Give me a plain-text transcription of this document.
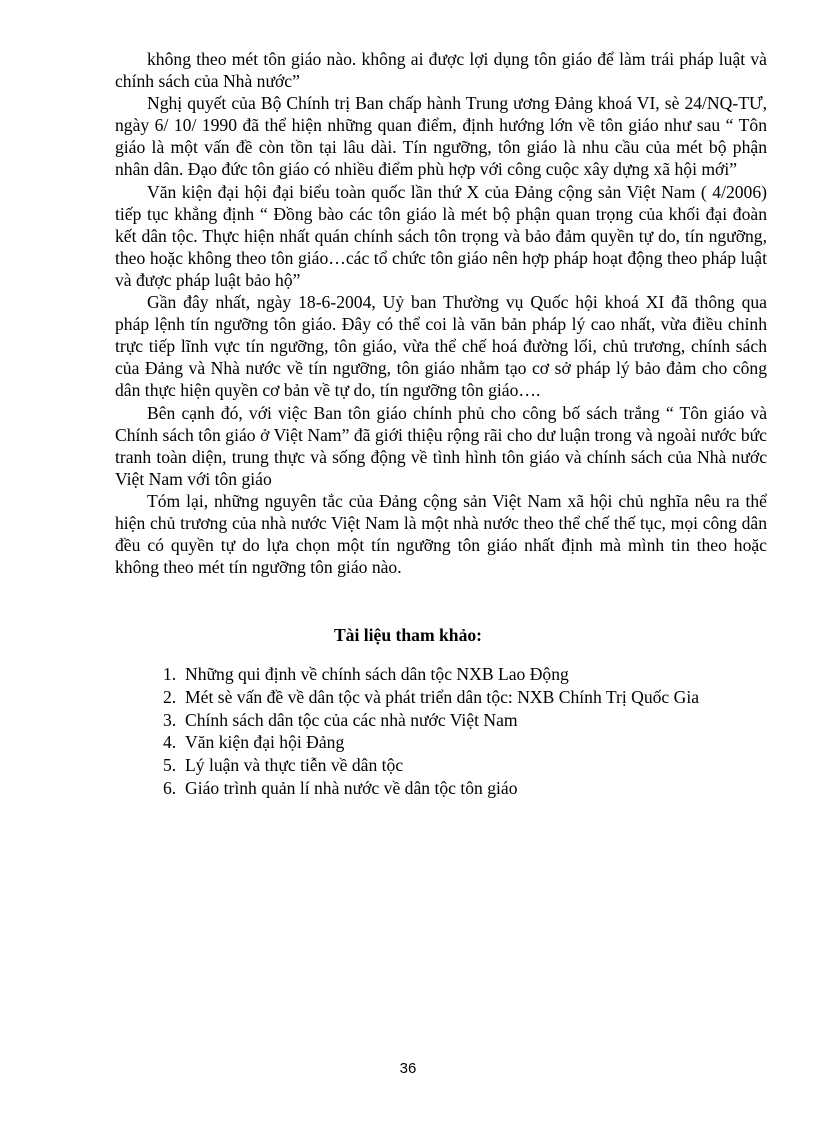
không theo mét tôn giáo nào. không ai được lợi dụng tôn giáo để làm trái pháp luật và chính sách của Nhà nước”

Nghị quyết của Bộ Chính trị Ban chấp hành Trung ương Đảng khoá VI, sè 24/NQ-TƯ, ngày 6/ 10/ 1990 đã thể hiện những quan điểm, định hướng lớn về tôn giáo như sau “ Tôn giáo là một vấn đề còn tồn tại lâu dài. Tín ngưỡng, tôn giáo là nhu cầu của mét bộ phận nhân dân. Đạo đức tôn giáo có nhiều điểm phù hợp với công cuộc xây dựng xã hội mới”

Văn kiện đại hội đại biểu toàn quốc lần thứ X của Đảng cộng sản Việt Nam ( 4/2006) tiếp tục khẳng định “ Đồng bào các tôn giáo là mét bộ phận quan trọng của khối đại đoàn kết dân tộc. Thực hiện nhất quán chính sách tôn trọng và bảo đảm quyền tự do, tín ngưỡng, theo hoặc không theo tôn giáo…các tổ chức tôn giáo nên hợp pháp hoạt động theo pháp luật và được pháp luật bảo hộ”

Gần đây nhất, ngày 18-6-2004, Uỷ ban Thường vụ Quốc hội khoá XI đã thông qua pháp lệnh tín ngưỡng tôn giáo. Đây có thể coi là văn bản pháp lý cao nhất, vừa điều chỉnh trực tiếp lĩnh vực tín ngưỡng, tôn giáo, vừa thể chế hoá đường lối, chủ trương, chính sách của Đảng và Nhà nước về tín ngưỡng, tôn giáo nhằm tạo cơ sở pháp lý bảo đảm cho công dân thực hiện quyền cơ bản về tự do, tín ngưỡng tôn giáo….

Bên cạnh đó, với việc Ban tôn giáo chính phủ cho công bố sách trắng “ Tôn giáo và Chính sách tôn giáo ở Việt Nam” đã giới thiệu rộng rãi cho dư luận trong và ngoài nước bức tranh toàn diện, trung thực và sống động về tình hình tôn giáo và chính sách của Nhà nước Việt Nam với tôn giáo

Tóm lại, những nguyên tắc của Đảng cộng sản Việt Nam xã hội chủ nghĩa nêu ra thể hiện chủ trương của nhà nước Việt Nam là một nhà nước theo thể chế thế tục, mọi công dân đều có quyền tự do lựa chọn một tín ngưỡng tôn giáo nhất định mà mình tin theo hoặc không theo mét tín ngưỡng tôn giáo nào.

Tài liệu tham khảo:
1. Những qui định về chính sách dân tộc NXB Lao Động
2. Mét sè vấn đề về dân tộc và phát triển dân tộc: NXB Chính Trị Quốc Gia
3. Chính sách dân tộc của các nhà nước Việt Nam
4. Văn kiện đại hội Đảng
5. Lý luận và thực tiễn về dân tộc
6. Giáo trình quản lí nhà nước về dân tộc tôn giáo
36
